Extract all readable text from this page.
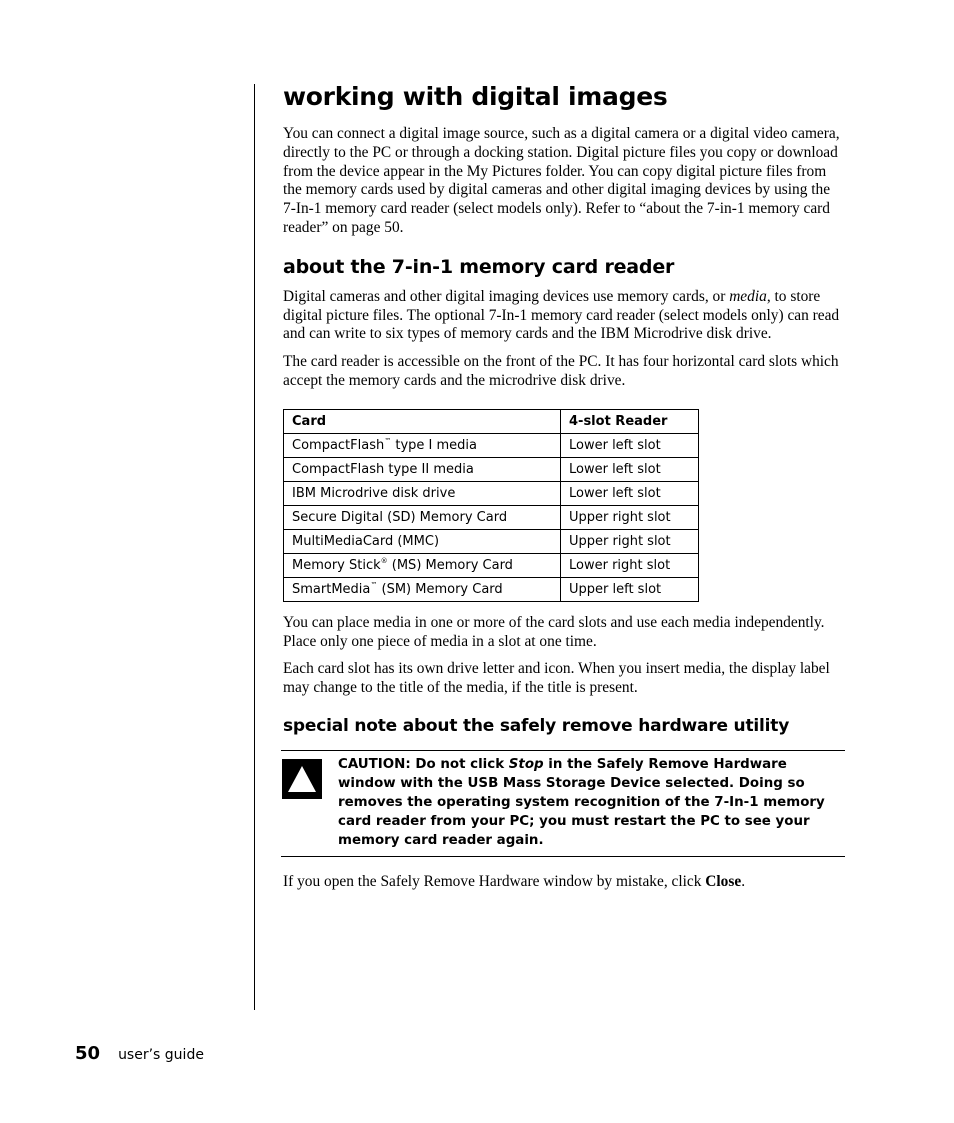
working with digital images

You can connect a digital image source, such as a digital camera or a digital video camera, directly to the PC or through a docking station. Digital picture files you copy or download from the device appear in the My Pictures folder. You can copy digital picture files from the memory cards used by digital cameras and other digital imaging devices by using the 7-In-1 memory card reader (select models only). Refer to “about the 7-in-1 memory card reader” on page 50.

about the 7-in-1 memory card reader

Digital cameras and other digital imaging devices use memory cards, or media, to store digital picture files. The optional 7-In-1 memory card reader (select models only) can read and can write to six types of memory cards and the IBM Microdrive disk drive.

The card reader is accessible on the front of the PC. It has four horizontal card slots which accept the memory cards and the microdrive disk drive.

Card	4-slot Reader
CompactFlash™ type I media	Lower left slot
CompactFlash type II media	Lower left slot
IBM Microdrive disk drive	Lower left slot
Secure Digital (SD) Memory Card	Upper right slot
MultiMediaCard (MMC)	Upper right slot
Memory Stick® (MS) Memory Card	Lower right slot
SmartMedia™ (SM) Memory Card	Upper left slot

You can place media in one or more of the card slots and use each media independently. Place only one piece of media in a slot at one time.

Each card slot has its own drive letter and icon. When you insert media, the display label may change to the title of the media, if the title is present.

special note about the safely remove hardware utility
CAUTION: Do not click Stop in the Safely Remove Hardware window with the USB Mass Storage Device selected. Doing so removes the operating system recognition of the 7-In-1 memory card reader from your PC; you must restart the PC to see your memory card reader again.

If you open the Safely Remove Hardware window by mistake, click Close.

50 user’s guide
